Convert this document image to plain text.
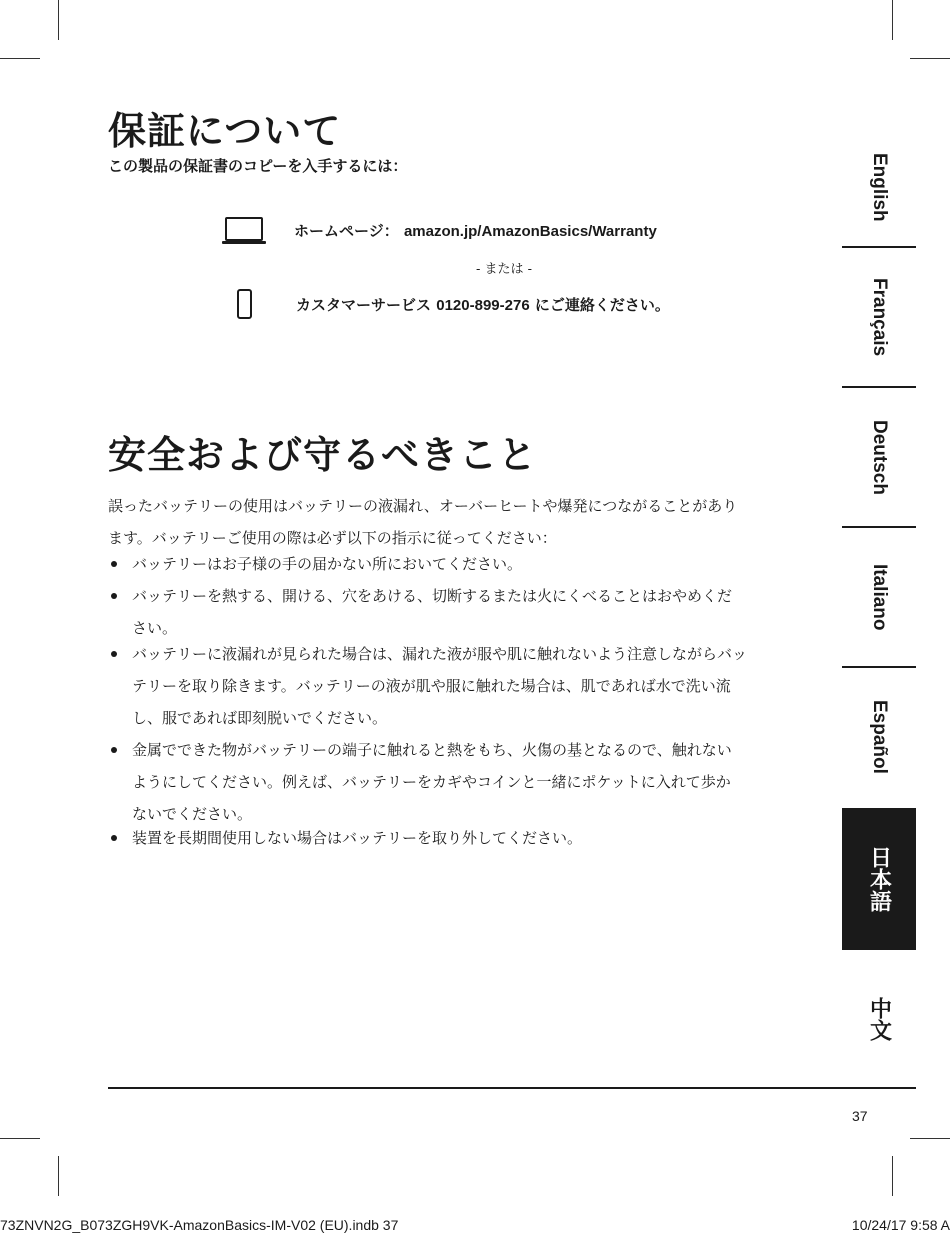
保証について
この製品の保証書のコピーを入手するには：
ホームページ： amazon.jp/AmazonBasics/Warranty
- または -
カスタマーサービス 0120-899-276 にご連絡ください。
安全および守るべきこと

誤ったバッテリーの使用はバッテリーの液漏れ、オーバーヒートや爆発につながることがあり
ます。バッテリーご使用の際は必ず以下の指示に従ってください：

バッテリーはお子様の手の届かない所においてください。
バッテリーを熱する、開ける、穴をあける、切断するまたは火にくべることはおやめくだ
さい。
バッテリーに液漏れが見られた場合は、漏れた液が服や肌に触れないよう注意しながらバッ
テリーを取り除きます。バッテリーの液が肌や服に触れた場合は、肌であれば水で洗い流
し、服であれば即刻脱いでください。
金属でできた物がバッテリーの端子に触れると熱をもち、火傷の基となるので、触れない
ようにしてください。例えば、バッテリーをカギやコインと一緒にポケットに入れて歩か
ないでください。
装置を長期間使用しない場合はバッテリーを取り外してください。
English
Français
Deutsch
Italiano
Español
日本語
中文
37
73ZNVN2G_B073ZGH9VK-AmazonBasics-IM-V02 (EU).indb 37	10/24/17 9:58 A
